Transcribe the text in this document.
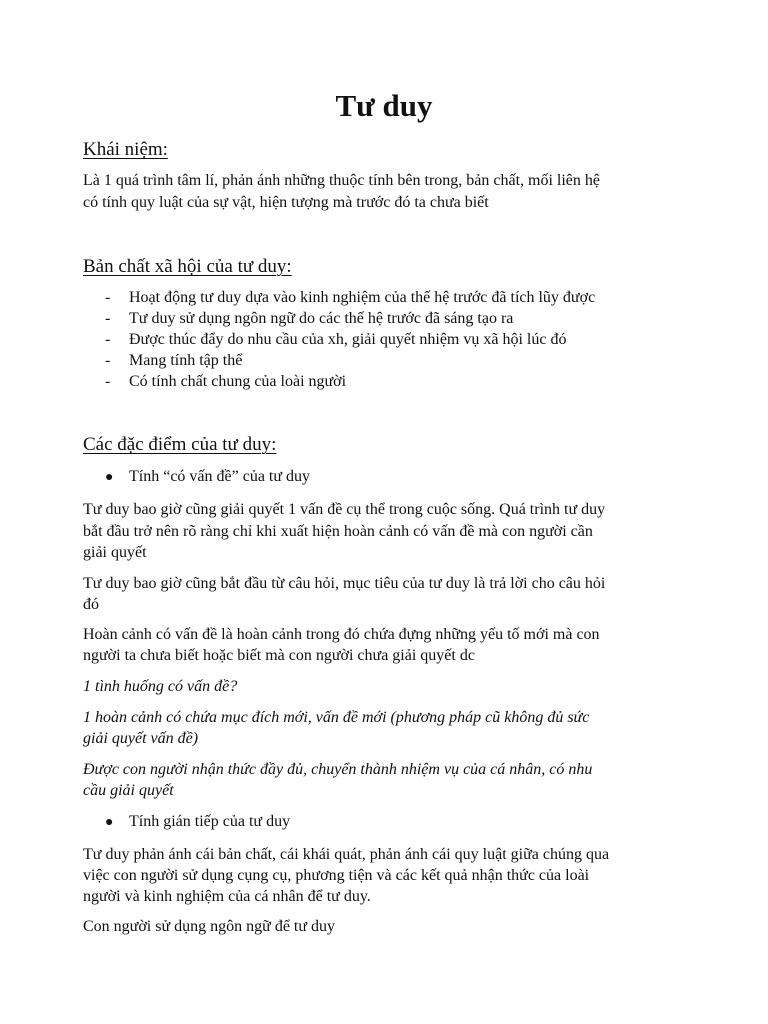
Tư duy

Khái niệm:

Là 1 quá trình tâm lí, phản ánh những thuộc tính bên trong, bản chất, mối liên hệ

có tính quy luật của sự vật, hiện tượng mà trước đó ta chưa biết

Bản chất xã hội của tư duy:

- Hoạt động tư duy dựa vào kinh nghiệm của thế hệ trước đã tích lũy được

- Tư duy sử dụng ngôn ngữ do các thế hệ trước đã sáng tạo ra

- Được thúc đẩy do nhu cầu của xh, giải quyết nhiệm vụ xã hội lúc đó

- Mang tính tập thể

- Có tính chất chung của loài người

Các đặc điểm của tư duy:

● Tính “có vấn đề” của tư duy

Tư duy bao giờ cũng giải quyết 1 vấn đề cụ thể trong cuộc sống. Quá trình tư duy

bắt đầu trở nên rõ ràng chỉ khi xuất hiện hoàn cảnh có vấn đề mà con người cần

giải quyết

Tư duy bao giờ cũng bắt đầu từ câu hỏi, mục tiêu của tư duy là trả lời cho câu hỏi

đó

Hoàn cảnh có vấn đề là hoàn cảnh trong đó chứa đựng những yếu tố mới mà con

người ta chưa biết hoặc biết mà con người chưa giải quyết dc

1 tình huống có vấn đề?

1 hoàn cảnh có chứa mục đích mới, vấn đề mới (phương pháp cũ không đủ sức

giải quyết vấn đề)

Được con người nhận thức đầy đủ, chuyển thành nhiệm vụ của cá nhân, có nhu

cầu giải quyết

● Tính gián tiếp của tư duy

Tư duy phản ánh cái bản chất, cái khái quát, phản ánh cái quy luật giữa chúng qua

việc con người sử dụng cụng cụ, phương tiện và các kết quả nhận thức của loài

người và kinh nghiệm của cá nhân để tư duy.

Con người sử dụng ngôn ngữ để tư duy
